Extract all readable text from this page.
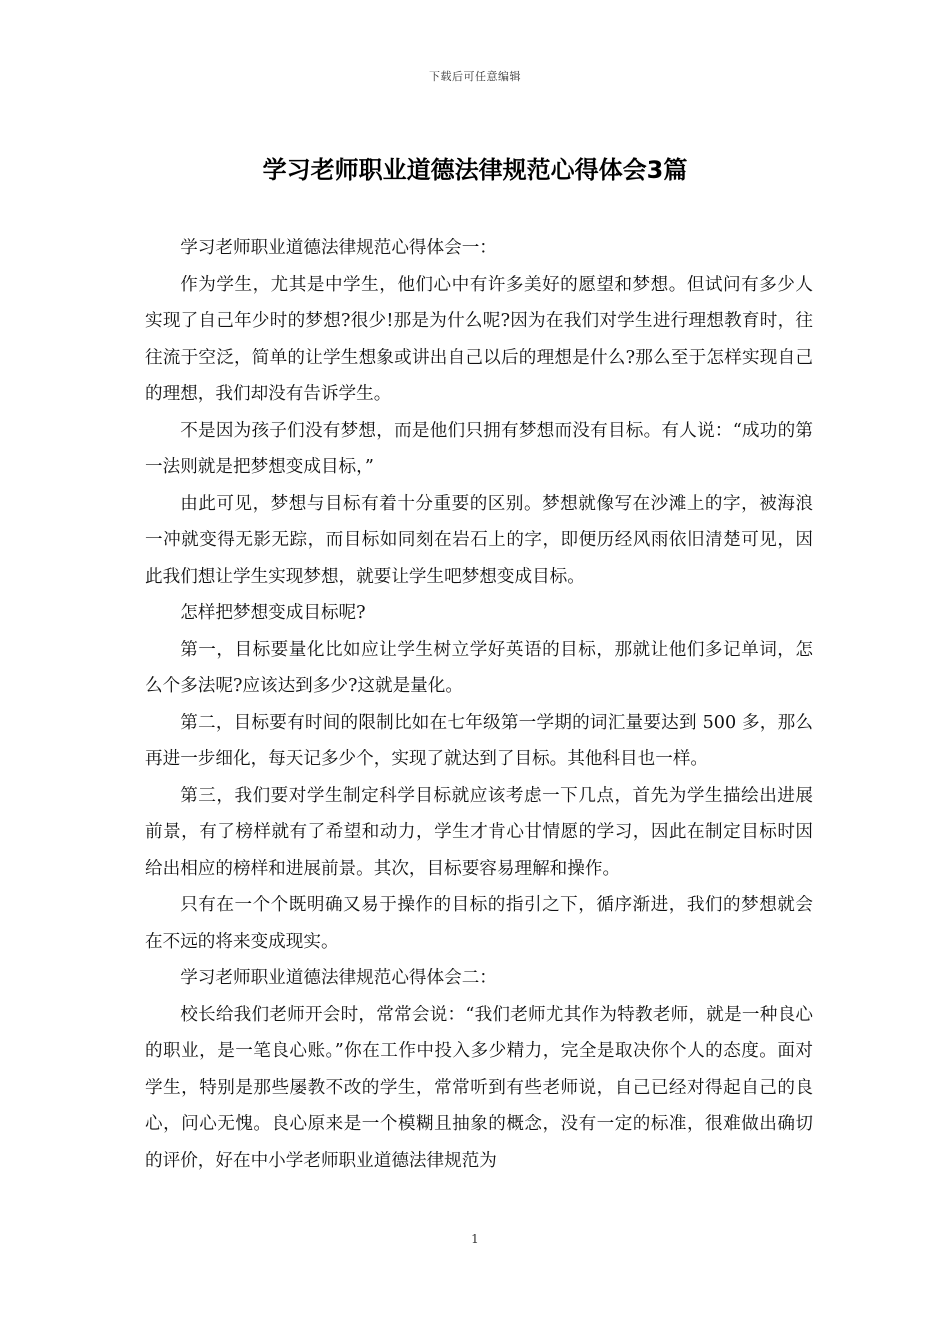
下载后可任意编辑
学习老师职业道德法律规范心得体会3篇

学习老师职业道德法律规范心得体会一：

作为学生，尤其是中学生，他们心中有许多美好的愿望和梦想。但试问有多少人实现了自己年少时的梦想?很少!那是为什么呢?因为在我们对学生进行理想教育时，往往流于空泛，简单的让学生想象或讲出自己以后的理想是什么?那么至于怎样实现自己的理想，我们却没有告诉学生。

不是因为孩子们没有梦想，而是他们只拥有梦想而没有目标。有人说：“成功的第一法则就是把梦想变成目标，”

由此可见，梦想与目标有着十分重要的区别。梦想就像写在沙滩上的字，被海浪一冲就变得无影无踪，而目标如同刻在岩石上的字，即便历经风雨依旧清楚可见，因此我们想让学生实现梦想，就要让学生吧梦想变成目标。

怎样把梦想变成目标呢?

第一，目标要量化比如应让学生树立学好英语的目标，那就让他们多记单词，怎么个多法呢?应该达到多少?这就是量化。

第二，目标要有时间的限制比如在七年级第一学期的词汇量要达到 500 多，那么再进一步细化，每天记多少个，实现了就达到了目标。其他科目也一样。

第三，我们要对学生制定科学目标就应该考虑一下几点，首先为学生描绘出进展前景，有了榜样就有了希望和动力，学生才肯心甘情愿的学习，因此在制定目标时因给出相应的榜样和进展前景。其次，目标要容易理解和操作。

只有在一个个既明确又易于操作的目标的指引之下，循序渐进，我们的梦想就会在不远的将来变成现实。

学习老师职业道德法律规范心得体会二：

校长给我们老师开会时，常常会说：“我们老师尤其作为特教老师，就是一种良心的职业，是一笔良心账。”你在工作中投入多少精力，完全是取决你个人的态度。面对学生，特别是那些屡教不改的学生，常常听到有些老师说，自己已经对得起自己的良心，问心无愧。良心原来是一个模糊且抽象的概念，没有一定的标准，很难做出确切的评价，好在中小学老师职业道德法律规范为

1
